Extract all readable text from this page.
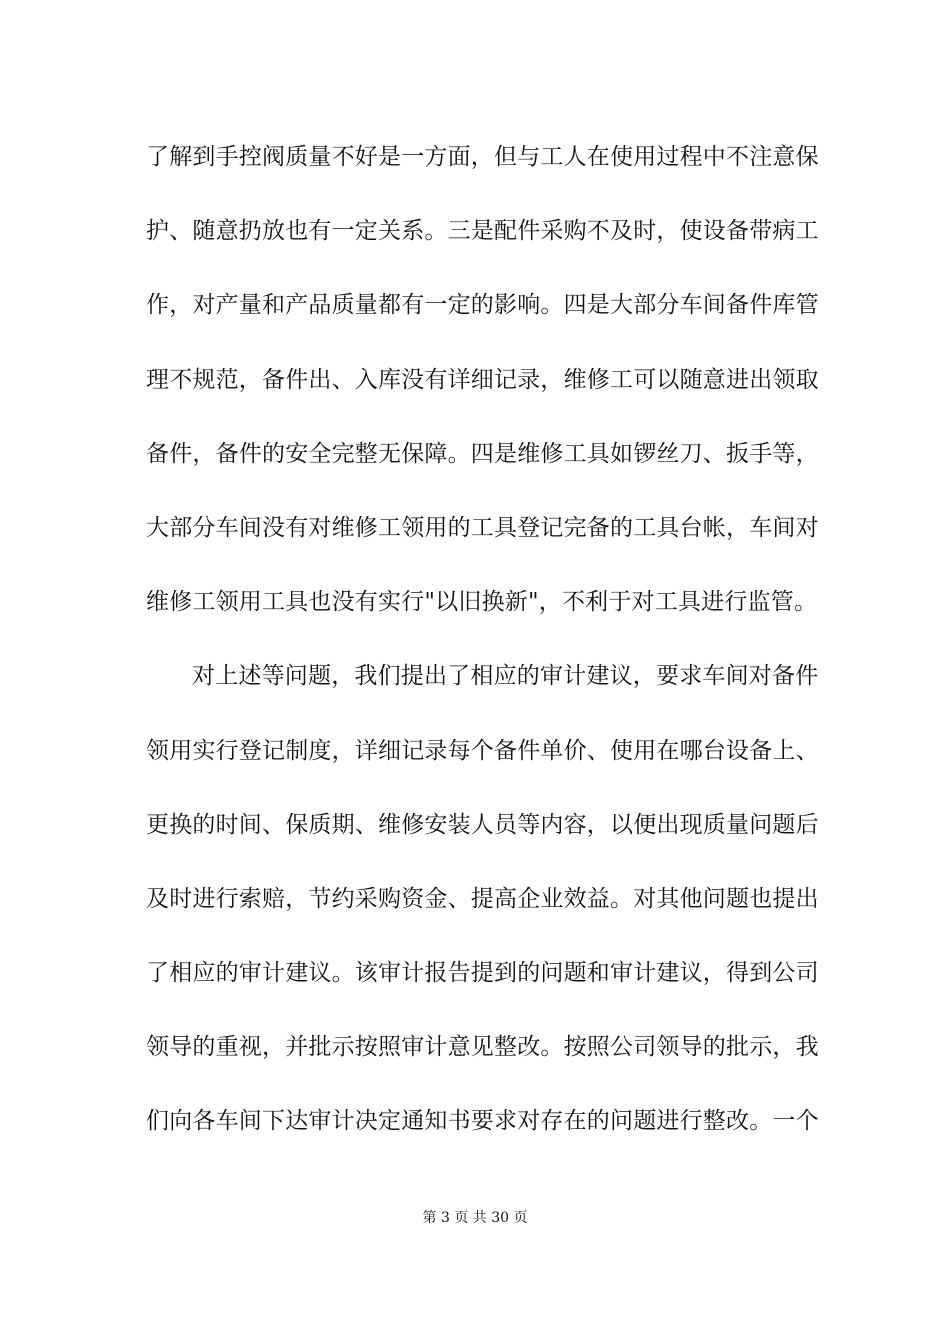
了解到手控阀质量不好是一方面，但与工人在使用过程中不注意保
护、随意扔放也有一定关系。三是配件采购不及时，使设备带病工
作，对产量和产品质量都有一定的影响。四是大部分车间备件库管
理不规范，备件出、入库没有详细记录，维修工可以随意进出领取
备件，备件的安全完整无保障。四是维修工具如锣丝刀、扳手等，
大部分车间没有对维修工领用的工具登记完备的工具台帐，车间对
维修工领用工具也没有实行"以旧换新"，不利于对工具进行监管。
对上述等问题，我们提出了相应的审计建议，要求车间对备件
领用实行登记制度，详细记录每个备件单价、使用在哪台设备上、
更换的时间、保质期、维修安装人员等内容，以便出现质量问题后
及时进行索赔，节约采购资金、提高企业效益。对其他问题也提出
了相应的审计建议。该审计报告提到的问题和审计建议，得到公司
领导的重视，并批示按照审计意见整改。按照公司领导的批示，我
们向各车间下达审计决定通知书要求对存在的问题进行整改。一个
第 3 页 共 30 页
